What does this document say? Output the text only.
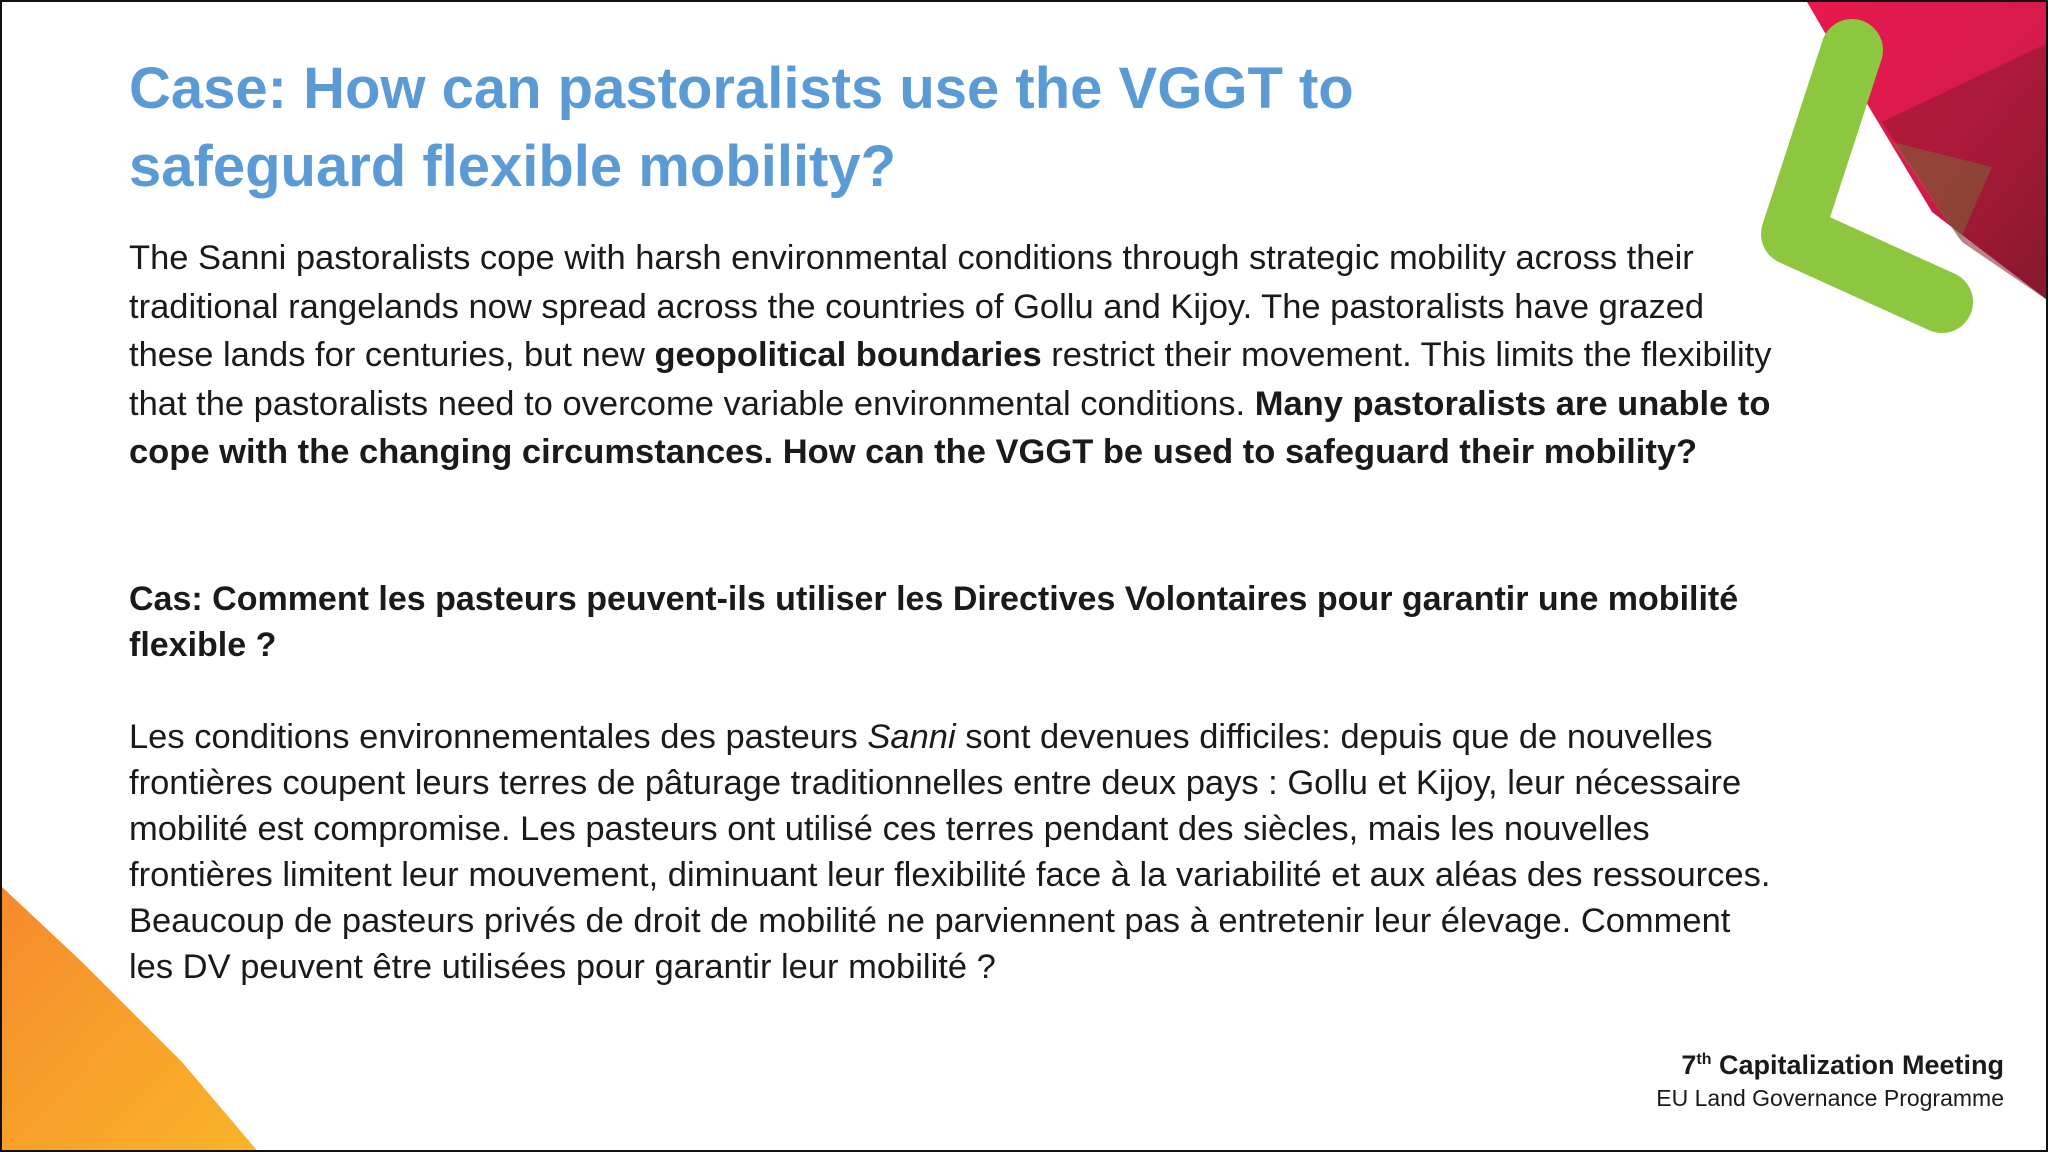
Case: How can pastoralists use the VGGT to safeguard flexible mobility?

The Sanni pastoralists cope with harsh environmental conditions through strategic mobility across their traditional rangelands now spread across the countries of Gollu and Kijoy. The pastoralists have grazed these lands for centuries, but new geopolitical boundaries restrict their movement. This limits the flexibility that the pastoralists need to overcome variable environmental conditions. Many pastoralists are unable to cope with the changing circumstances. How can the VGGT be used to safeguard their mobility?

Cas: Comment les pasteurs peuvent-ils utiliser les Directives Volontaires pour garantir une mobilité flexible ?

Les conditions environnementales des pasteurs Sanni sont devenues difficiles: depuis que de nouvelles frontières coupent leurs terres de pâturage traditionnelles entre deux pays : Gollu et Kijoy, leur nécessaire mobilité est compromise. Les pasteurs ont utilisé ces terres pendant des siècles, mais les nouvelles frontières limitent leur mouvement, diminuant leur flexibilité face à la variabilité et aux aléas des ressources. Beaucoup de pasteurs privés de droit de mobilité ne parviennent pas à entretenir leur élevage. Comment les DV peuvent être utilisées pour garantir leur mobilité ?

7th Capitalization Meeting
EU Land Governance Programme
